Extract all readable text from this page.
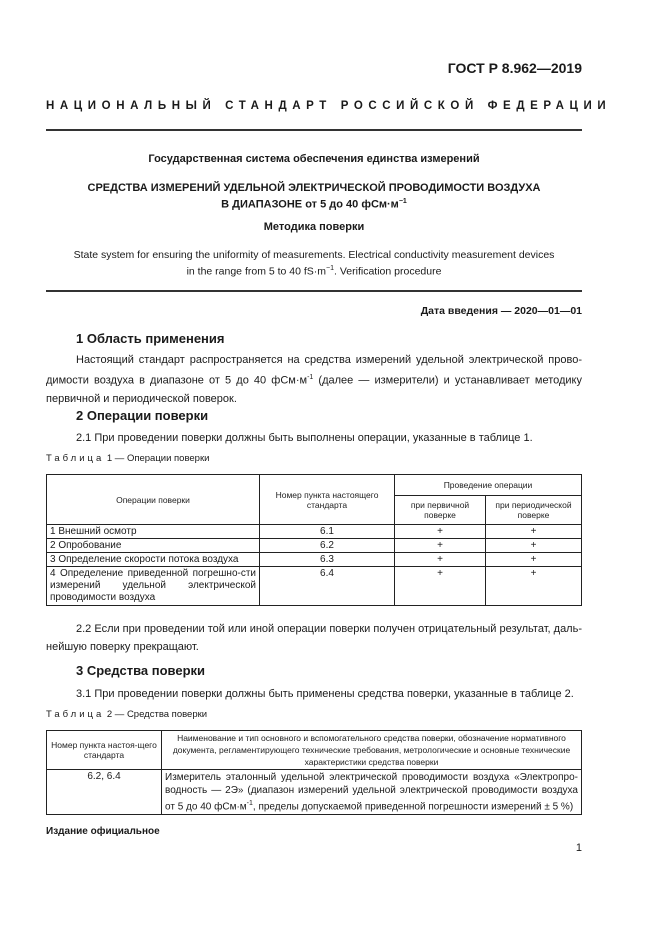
ГОСТ Р 8.962—2019
НАЦИОНАЛЬНЫЙ СТАНДАРТ РОССИЙСКОЙ ФЕДЕРАЦИИ
Государственная система обеспечения единства измерений
СРЕДСТВА ИЗМЕРЕНИЙ УДЕЛЬНОЙ ЭЛЕКТРИЧЕСКОЙ ПРОВОДИМОСТИ ВОЗДУХА
В ДИАПАЗОНЕ от 5 до 40 $фСм\cdot м^{-1}$
Методика поверки
State system for ensuring the uniformity of measurements. Electrical conductivity measurement devices
in the range from 5 to 40 $fS\cdot m^{-1}$. Verification procedure
Дата введения — 2020—01—01
1 Область применения
Настоящий стандарт распространяется на средства измерений удельной электрической прово-димости воздуха в диапазоне от 5 до 40 $фСм\cdot м^{-1}$ (далее — измерители) и устанавливает методику первичной и периодической поверок.
2 Операции поверки
2.1 При проведении поверки должны быть выполнены операции, указанные в таблице 1.
Таблица 1 — Операции поверки
Операции поверки	Номер пункта настоящего стандарта	Проведение операции	
		при первичной поверке	при периодической поверке
1 Внешний осмотр	6.1	+	+
2 Опробование	6.2	+	+
3 Определение скорости потока воздуха	6.3	+	+
4 Определение приведенной погрешно-сти измерений удельной электрической проводимости воздуха	6.4	+	+
2.2 Если при проведении той или иной операции поверки получен отрицательный результат, даль-нейшую поверку прекращают.
3 Средства поверки
3.1 При проведении поверки должны быть применены средства поверки, указанные в таблице 2.
Таблица 2 — Средства поверки
Номер пункта настоя-щего стандарта	Наименование и тип основного и вспомогательного средства поверки, обозначение нормативного документа, регламентирующего технические требования, метрологические и основные технические характеристики средства поверки
6.2, 6.4	Измеритель эталонный удельной электрической проводимости воздуха «Электропро-водность — 2Э» (диапазон измерений удельной электрической проводимости воздуха от 5 до 40 $фСм\cdot м^{-1}$, пределы допускаемой приведенной погрешности измерений ± 5 %)
Издание официальное
1
